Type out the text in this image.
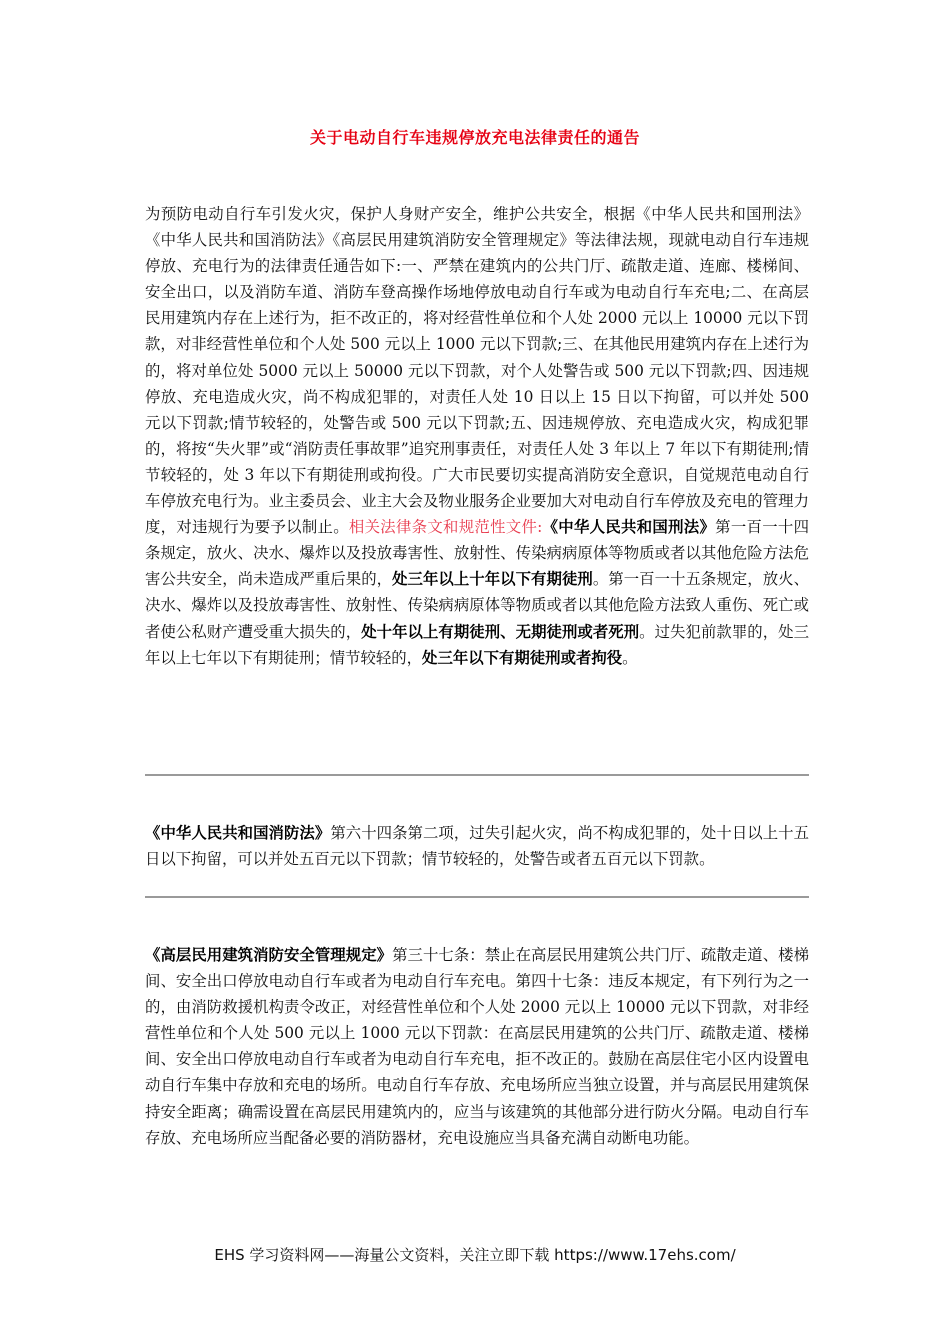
关于电动自行车违规停放充电法律责任的通告

为预防电动自行车引发火灾，保护人身财产安全，维护公共安全，根据《中华人民共和国刑法》《中华人民共和国消防法》《高层民用建筑消防安全管理规定》等法律法规，现就电动自行车违规停放、充电行为的法律责任通告如下:一、严禁在建筑内的公共门厅、疏散走道、连廊、楼梯间、安全出口，以及消防车道、消防车登高操作场地停放电动自行车或为电动自行车充电;二、在高层民用建筑内存在上述行为，拒不改正的，将对经营性单位和个人处 2000 元以上 10000 元以下罚款，对非经营性单位和个人处 500 元以上 1000 元以下罚款;三、在其他民用建筑内存在上述行为的，将对单位处 5000 元以上 50000 元以下罚款，对个人处警告或 500 元以下罚款;四、因违规停放、充电造成火灾，尚不构成犯罪的，对责任人处 10 日以上 15 日以下拘留，可以并处 500 元以下罚款;情节较轻的，处警告或 500 元以下罚款;五、因违规停放、充电造成火灾，构成犯罪的，将按“失火罪”或“消防责任事故罪”追究刑事责任，对责任人处 3 年以上 7 年以下有期徒刑;情节较轻的，处 3 年以下有期徒刑或拘役。广大市民要切实提高消防安全意识，自觉规范电动自行车停放充电行为。业主委员会、业主大会及物业服务企业要加大对电动自行车停放及充电的管理力度，对违规行为要予以制止。相关法律条文和规范性文件:《中华人民共和国刑法》第一百一十四条规定，放火、决水、爆炸以及投放毒害性、放射性、传染病病原体等物质或者以其他危险方法危害公共安全，尚未造成严重后果的，处三年以上十年以下有期徒刑。第一百一十五条规定，放火、决水、爆炸以及投放毒害性、放射性、传染病病原体等物质或者以其他危险方法致人重伤、死亡或者使公私财产遭受重大损失的，处十年以上有期徒刑、无期徒刑或者死刑。过失犯前款罪的，处三年以上七年以下有期徒刑；情节较轻的，处三年以下有期徒刑或者拘役。

《中华人民共和国消防法》第六十四条第二项，过失引起火灾，尚不构成犯罪的，处十日以上十五日以下拘留，可以并处五百元以下罚款；情节较轻的，处警告或者五百元以下罚款。

《高层民用建筑消防安全管理规定》第三十七条：禁止在高层民用建筑公共门厅、疏散走道、楼梯间、安全出口停放电动自行车或者为电动自行车充电。第四十七条：违反本规定，有下列行为之一的，由消防救援机构责令改正，对经营性单位和个人处 2000 元以上 10000 元以下罚款，对非经营性单位和个人处 500 元以上 1000 元以下罚款：在高层民用建筑的公共门厅、疏散走道、楼梯间、安全出口停放电动自行车或者为电动自行车充电，拒不改正的。鼓励在高层住宅小区内设置电动自行车集中存放和充电的场所。电动自行车存放、充电场所应当独立设置，并与高层民用建筑保持安全距离；确需设置在高层民用建筑内的，应当与该建筑的其他部分进行防火分隔。电动自行车存放、充电场所应当配备必要的消防器材，充电设施应当具备充满自动断电功能。

EHS 学习资料网——海量公文资料，关注立即下载 https://www.17ehs.com/
